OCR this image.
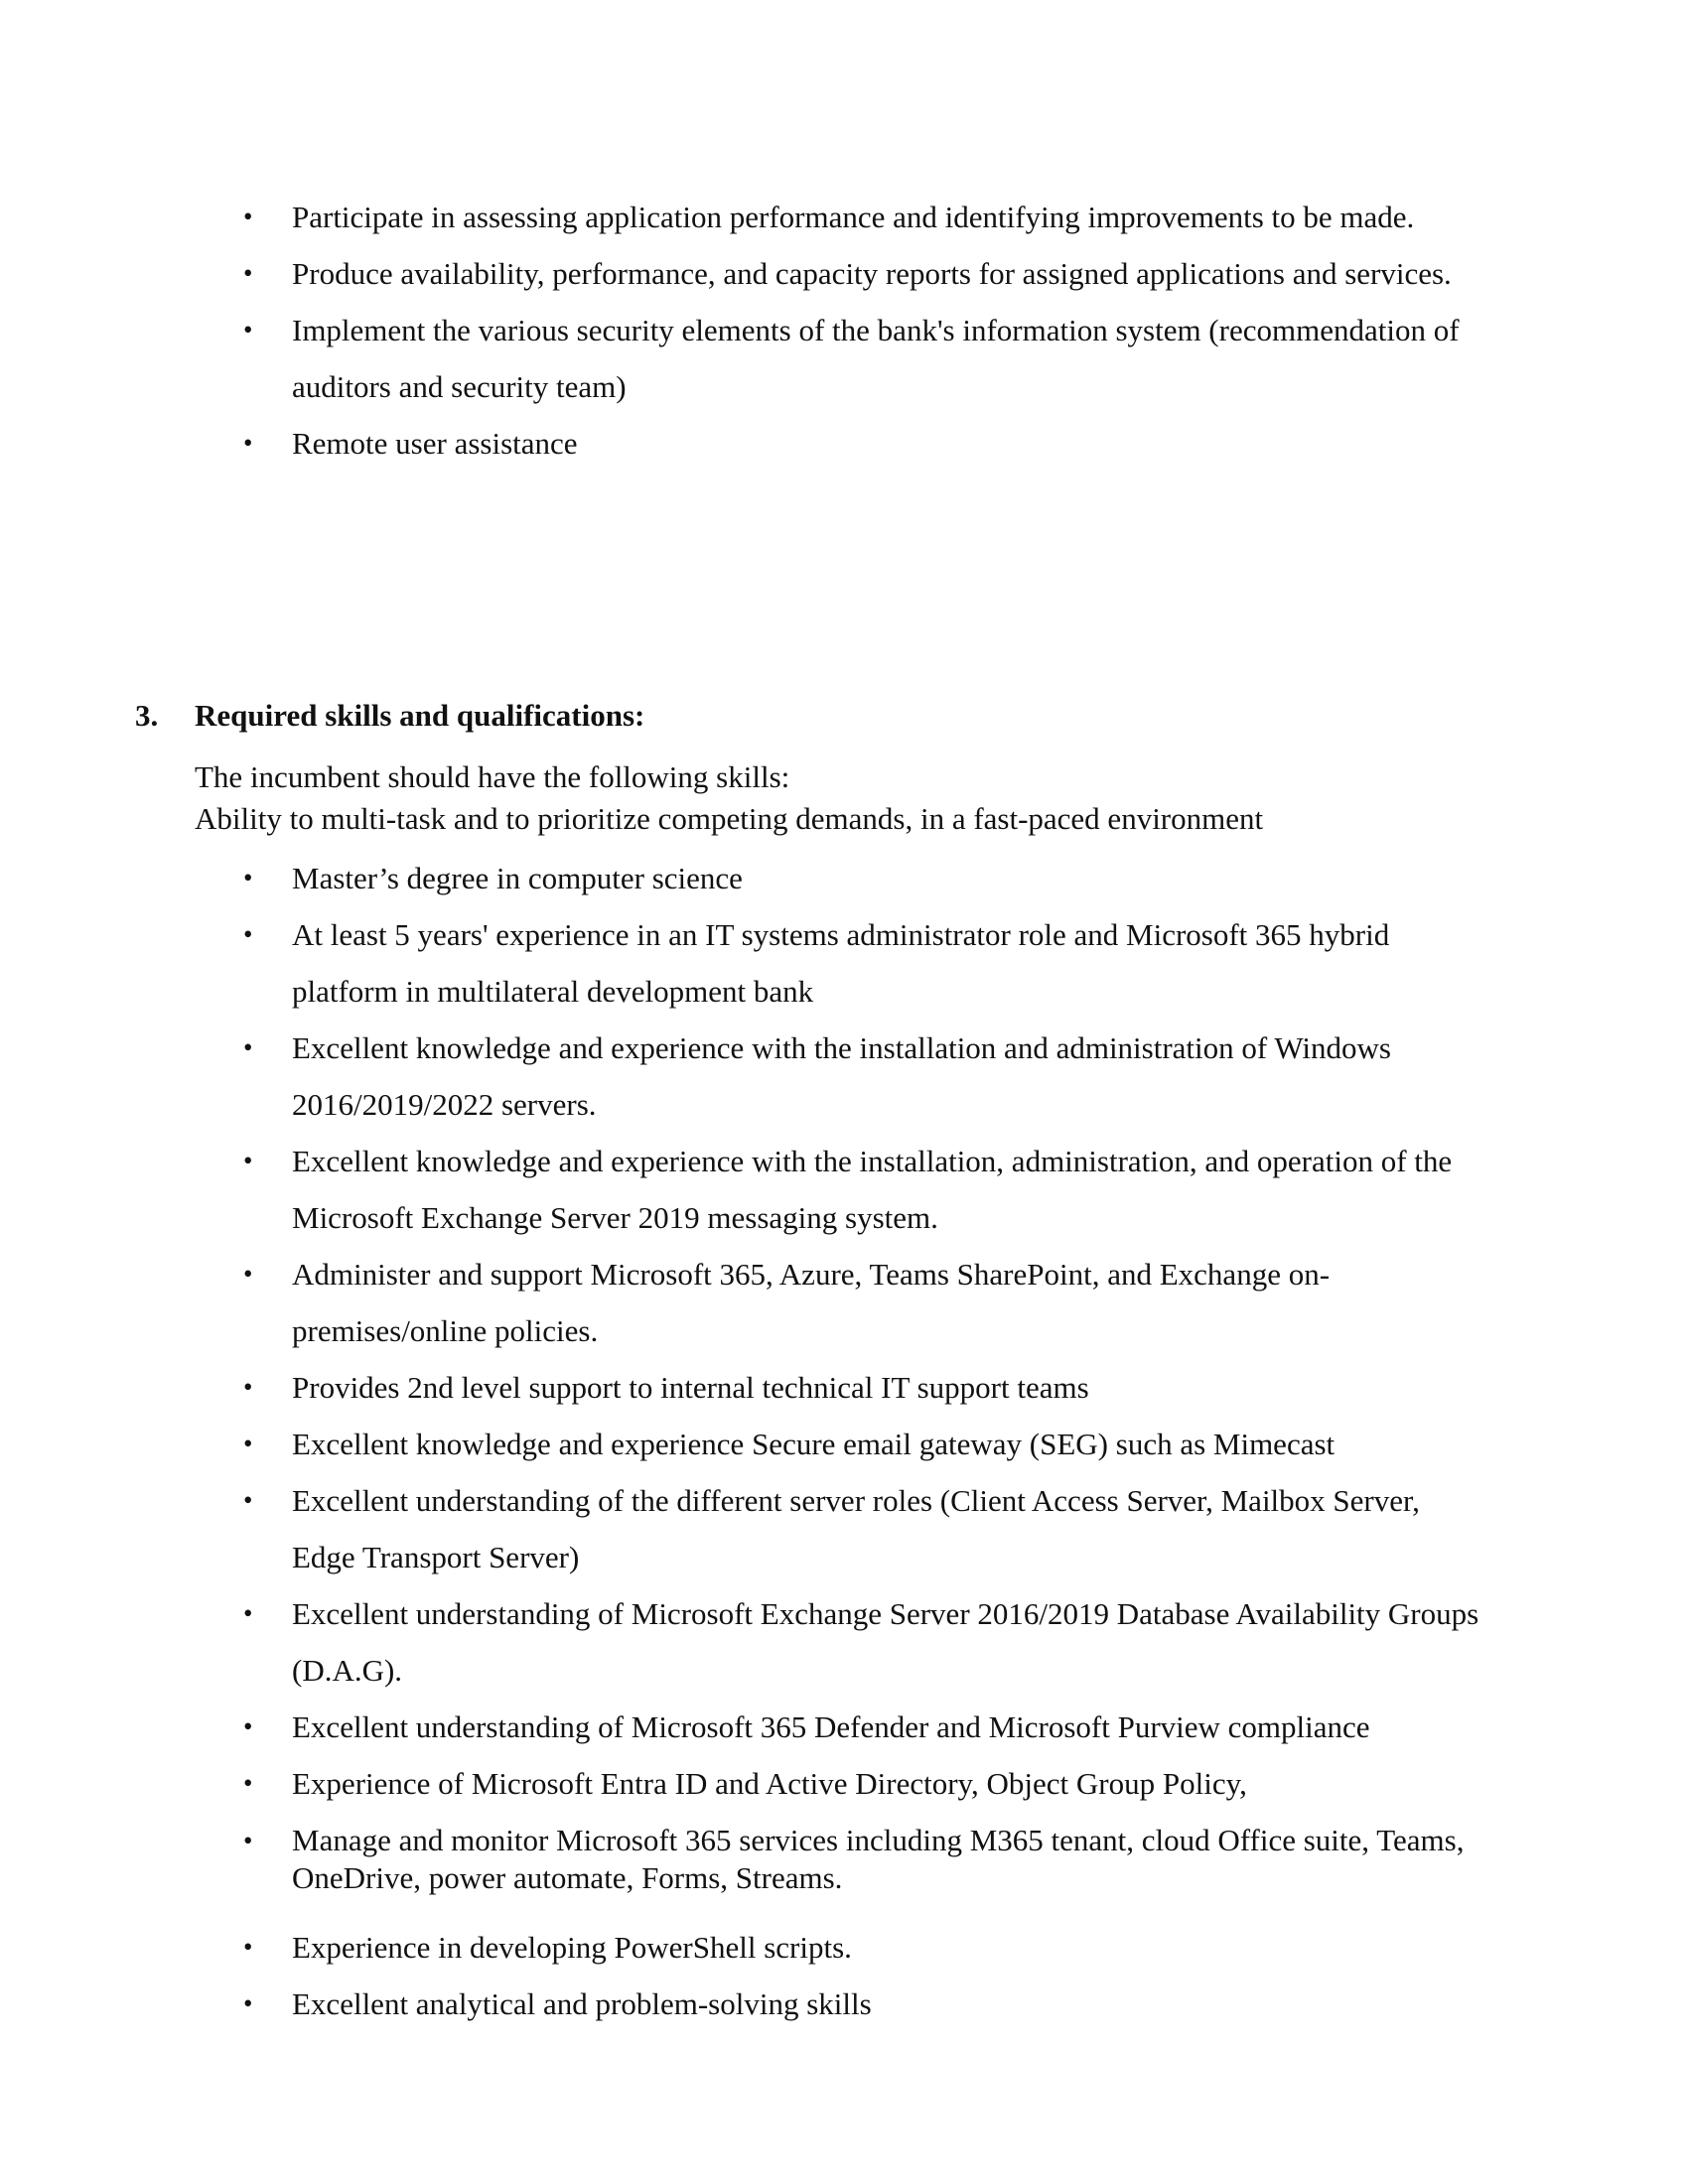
•	Participate in assessing application performance and identifying improvements to be made.
•	Produce availability, performance, and capacity reports for assigned applications and services.
•	Implement the various security elements of the bank's information system (recommendation of auditors and security team)
•	Remote user assistance
3. Required skills and qualifications:
The incumbent should have the following skills:
Ability to multi-task and to prioritize competing demands, in a fast-paced environment
•	Master’s degree in computer science
•	At least 5 years' experience in an IT systems administrator role and Microsoft 365 hybrid platform in multilateral development bank
•	Excellent knowledge and experience with the installation and administration of Windows 2016/2019/2022 servers.
•	Excellent knowledge and experience with the installation, administration, and operation of the Microsoft Exchange Server 2019 messaging system.
•	Administer and support Microsoft 365, Azure, Teams SharePoint, and Exchange on-premises/online policies.
•	Provides 2nd level support to internal technical IT support teams
•	Excellent knowledge and experience Secure email gateway (SEG) such as Mimecast
•	Excellent understanding of the different server roles (Client Access Server, Mailbox Server, Edge Transport Server)
•	Excellent understanding of Microsoft Exchange Server 2016/2019 Database Availability Groups (D.A.G).
•	Excellent understanding of Microsoft 365 Defender and Microsoft Purview compliance
•	Experience of Microsoft Entra ID and Active Directory, Object Group Policy,
•	Manage and monitor Microsoft 365 services including M365 tenant, cloud Office suite, Teams, OneDrive, power automate, Forms, Streams.
•	Experience in developing PowerShell scripts.
•	Excellent analytical and problem-solving skills
